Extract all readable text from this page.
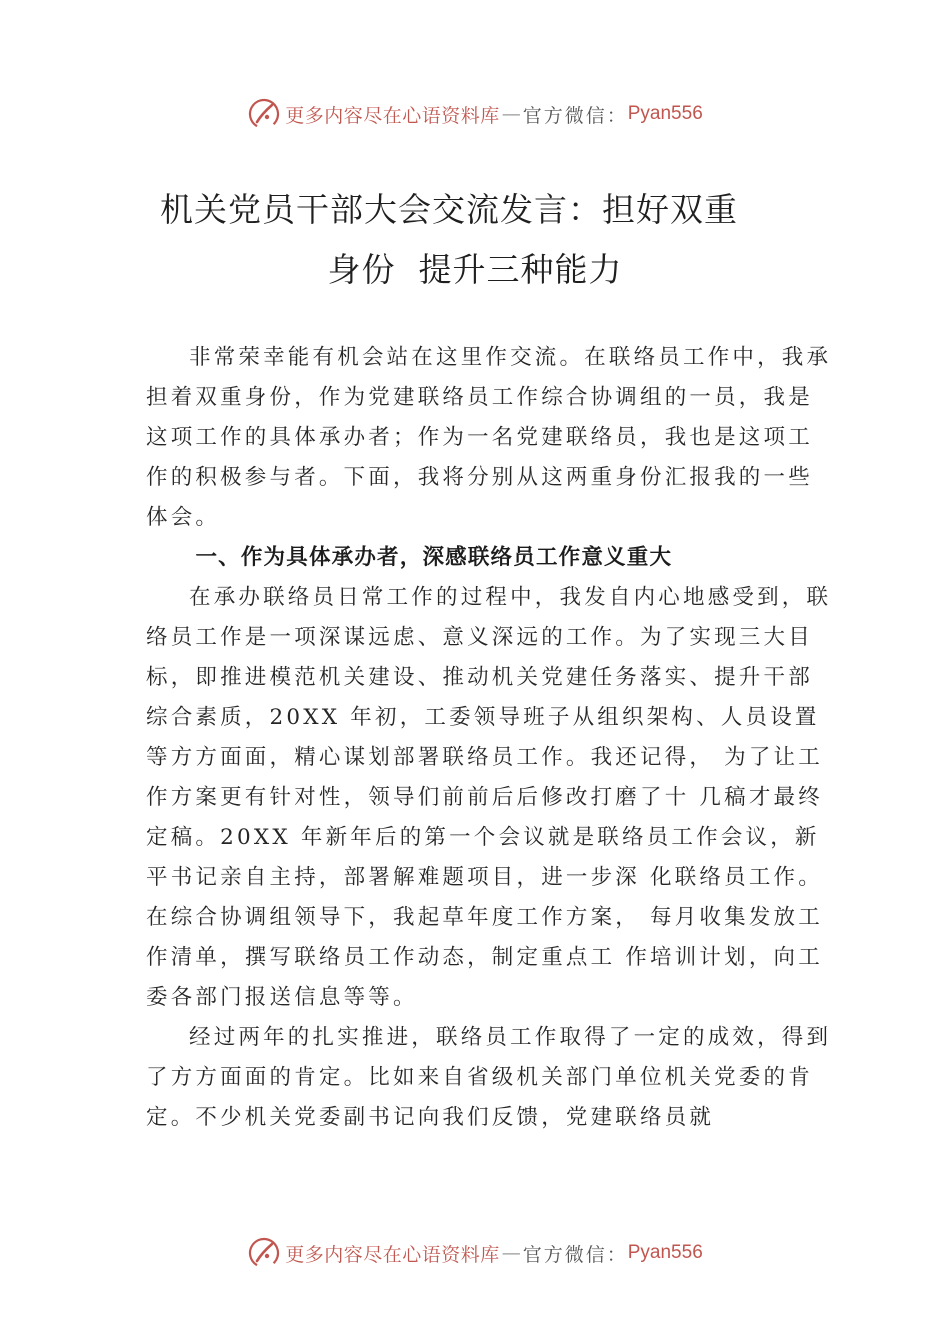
更多内容尽在心语资料库 — 官方微信： Pyan556
机关党员干部大会交流发言：担好双重
身份  提升三种能力

非常荣幸能有机会站在这里作交流。在联络员工作中，我承担着双重身份，作为党建联络员工作综合协调组的一员，我是这项工作的具体承办者；作为一名党建联络员，我也是这项工作的积极参与者。下面，我将分别从这两重身份汇报我的一些体会。

一、作为具体承办者，深感联络员工作意义重大

在承办联络员日常工作的过程中，我发自内心地感受到，联络员工作是一项深谋远虑、意义深远的工作。为了实现三大目标，即推进模范机关建设、推动机关党建任务落实、提升干部综合素质，20XX 年初，工委领导班子从组织架构、人员设置等方方面面，精心谋划部署联络员工作。我还记得， 为了让工作方案更有针对性，领导们前前后后修改打磨了十 几稿才最终定稿。20XX 年新年后的第一个会议就是联络员工作会议，新平书记亲自主持，部署解难题项目，进一步深 化联络员工作。在综合协调组领导下，我起草年度工作方案， 每月收集发放工作清单，撰写联络员工作动态，制定重点工 作培训计划，向工委各部门报送信息等等。

经过两年的扎实推进，联络员工作取得了一定的成效，得到了方方面面的肯定。比如来自省级机关部门单位机关党委的肯定。不少机关党委副书记向我们反馈，党建联络员就

更多内容尽在心语资料库 — 官方微信： Pyan556
